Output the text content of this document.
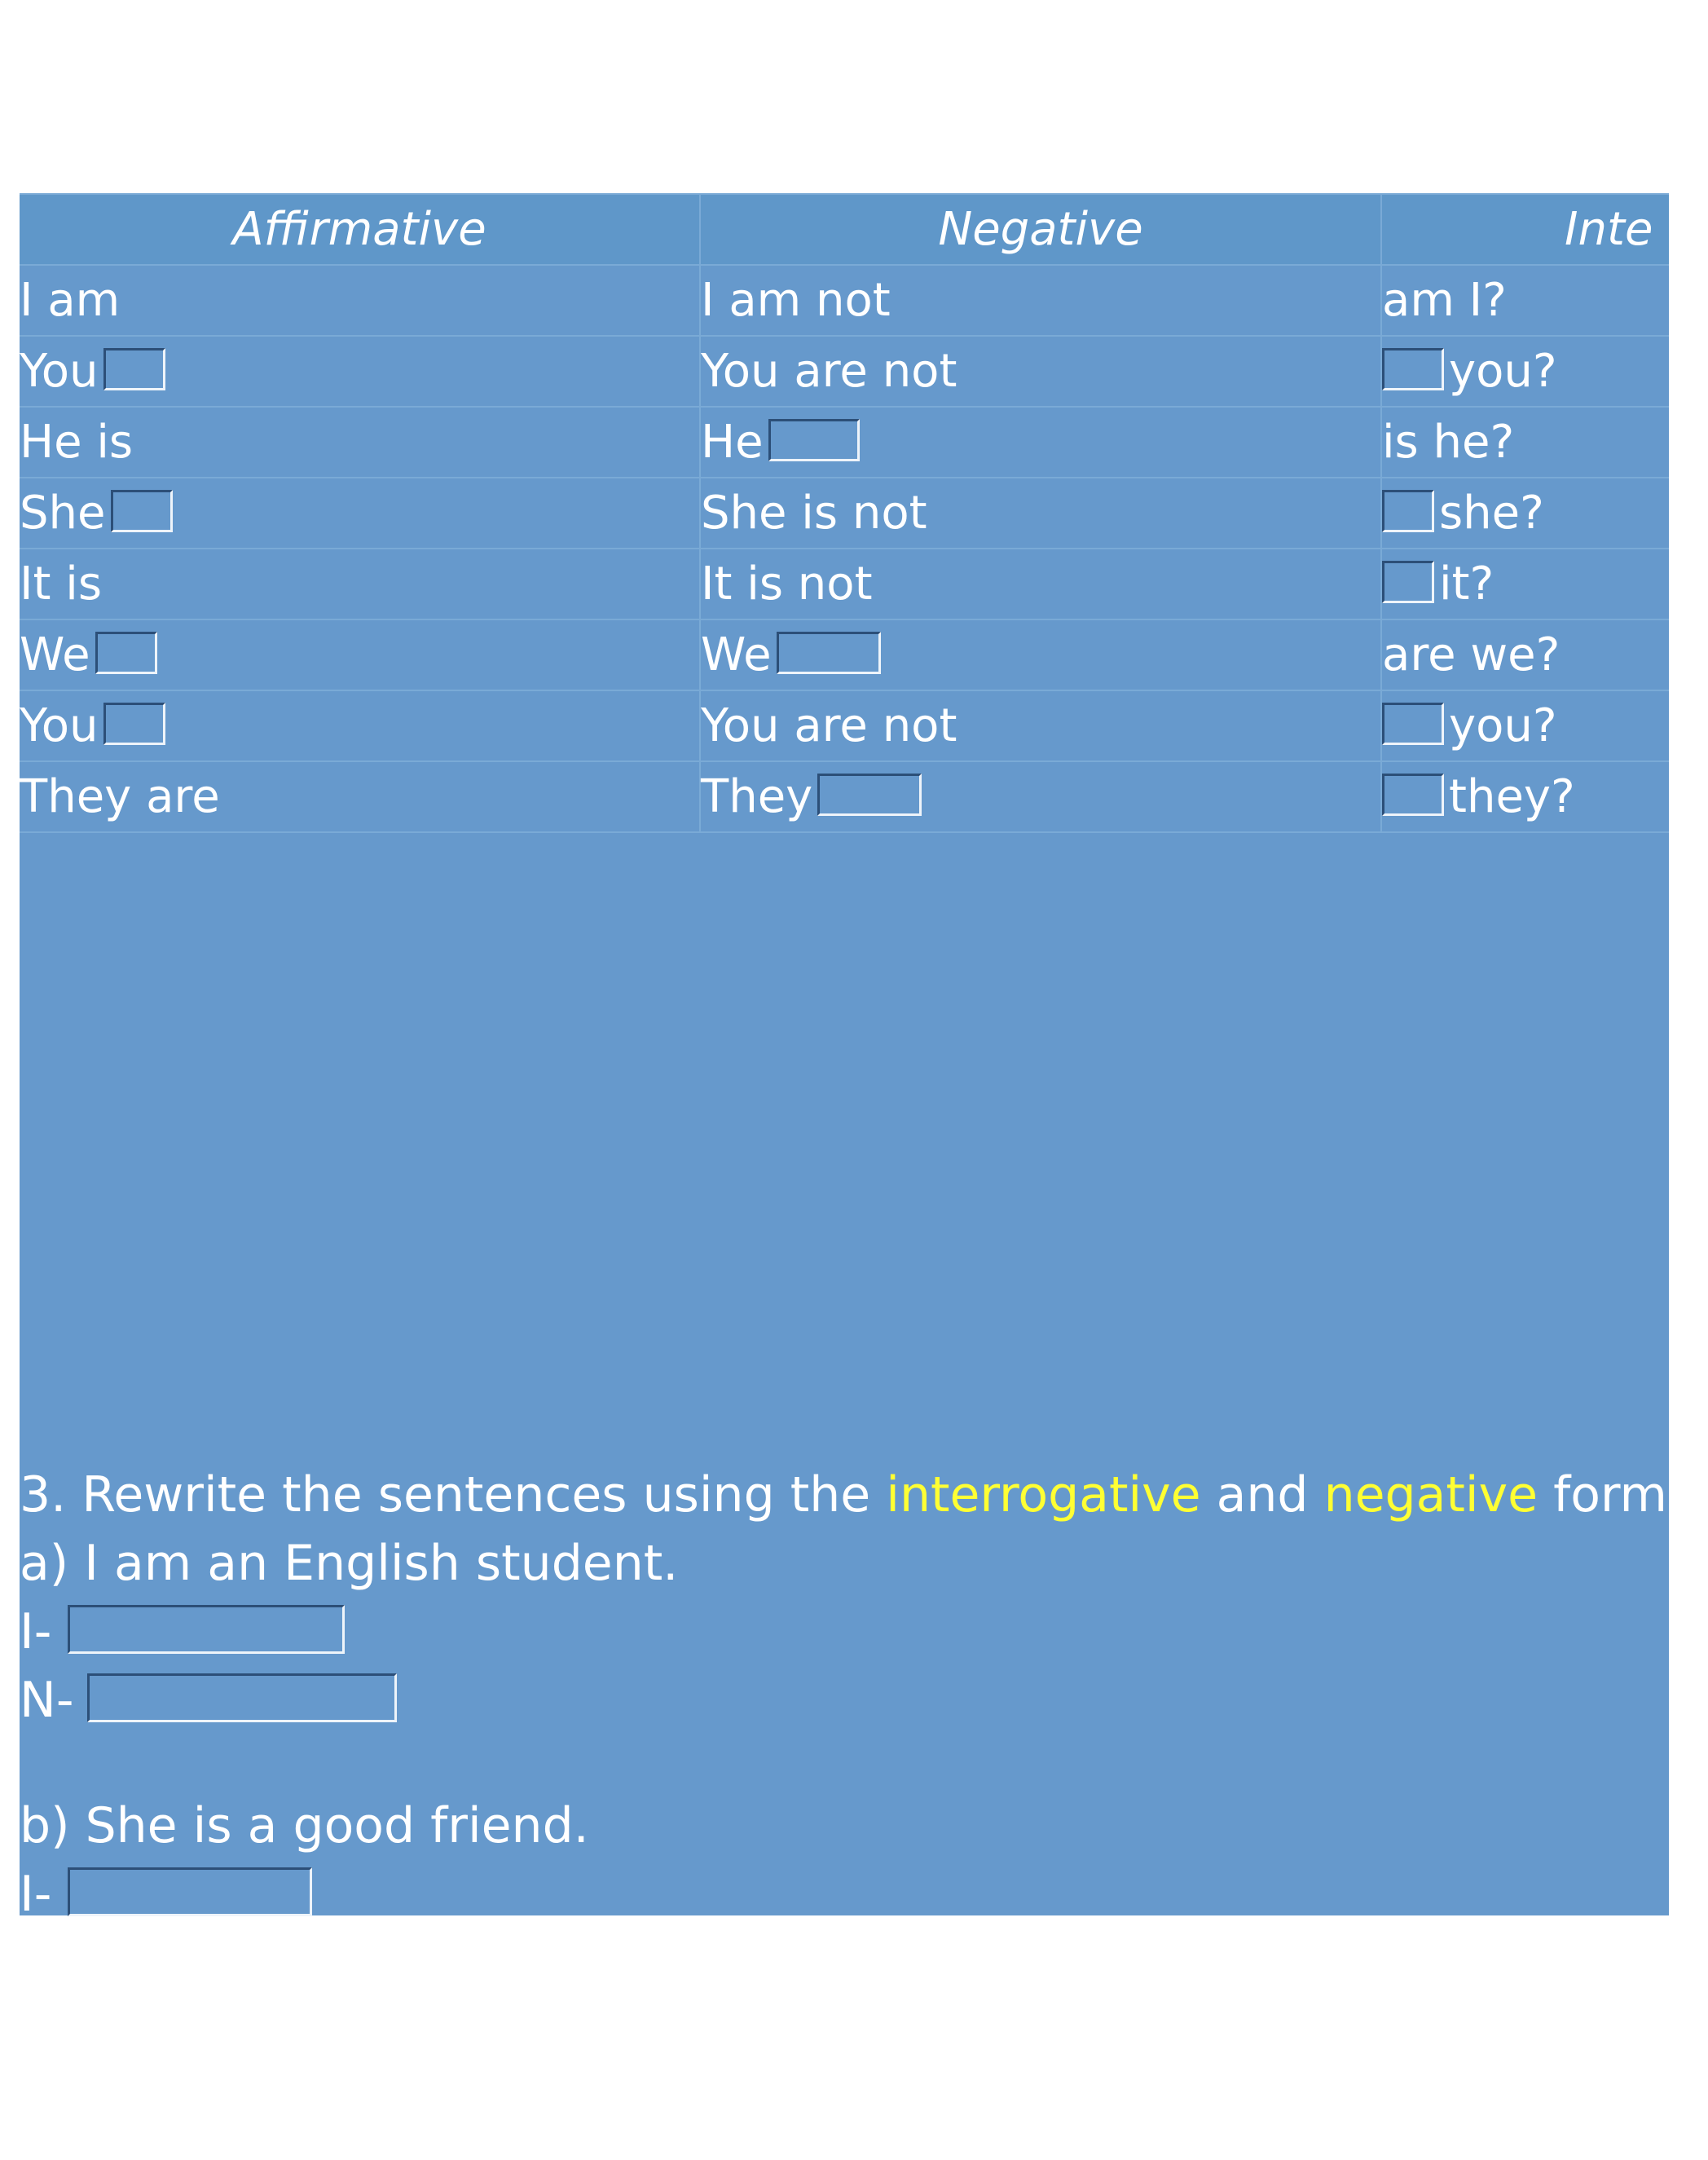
Affirmative	Negative	Inte
I am	I am not	am I?
You	You are not	you?
He is	He	is he?
She	She is not	she?
It is	It is not	it?
We	We	are we?
You	You are not	you?
They are	They	they?
3. Rewrite the sentences using the interrogative and negative forms.
a) I am an English student.
I-
N-
b) She is a good friend.
I-
